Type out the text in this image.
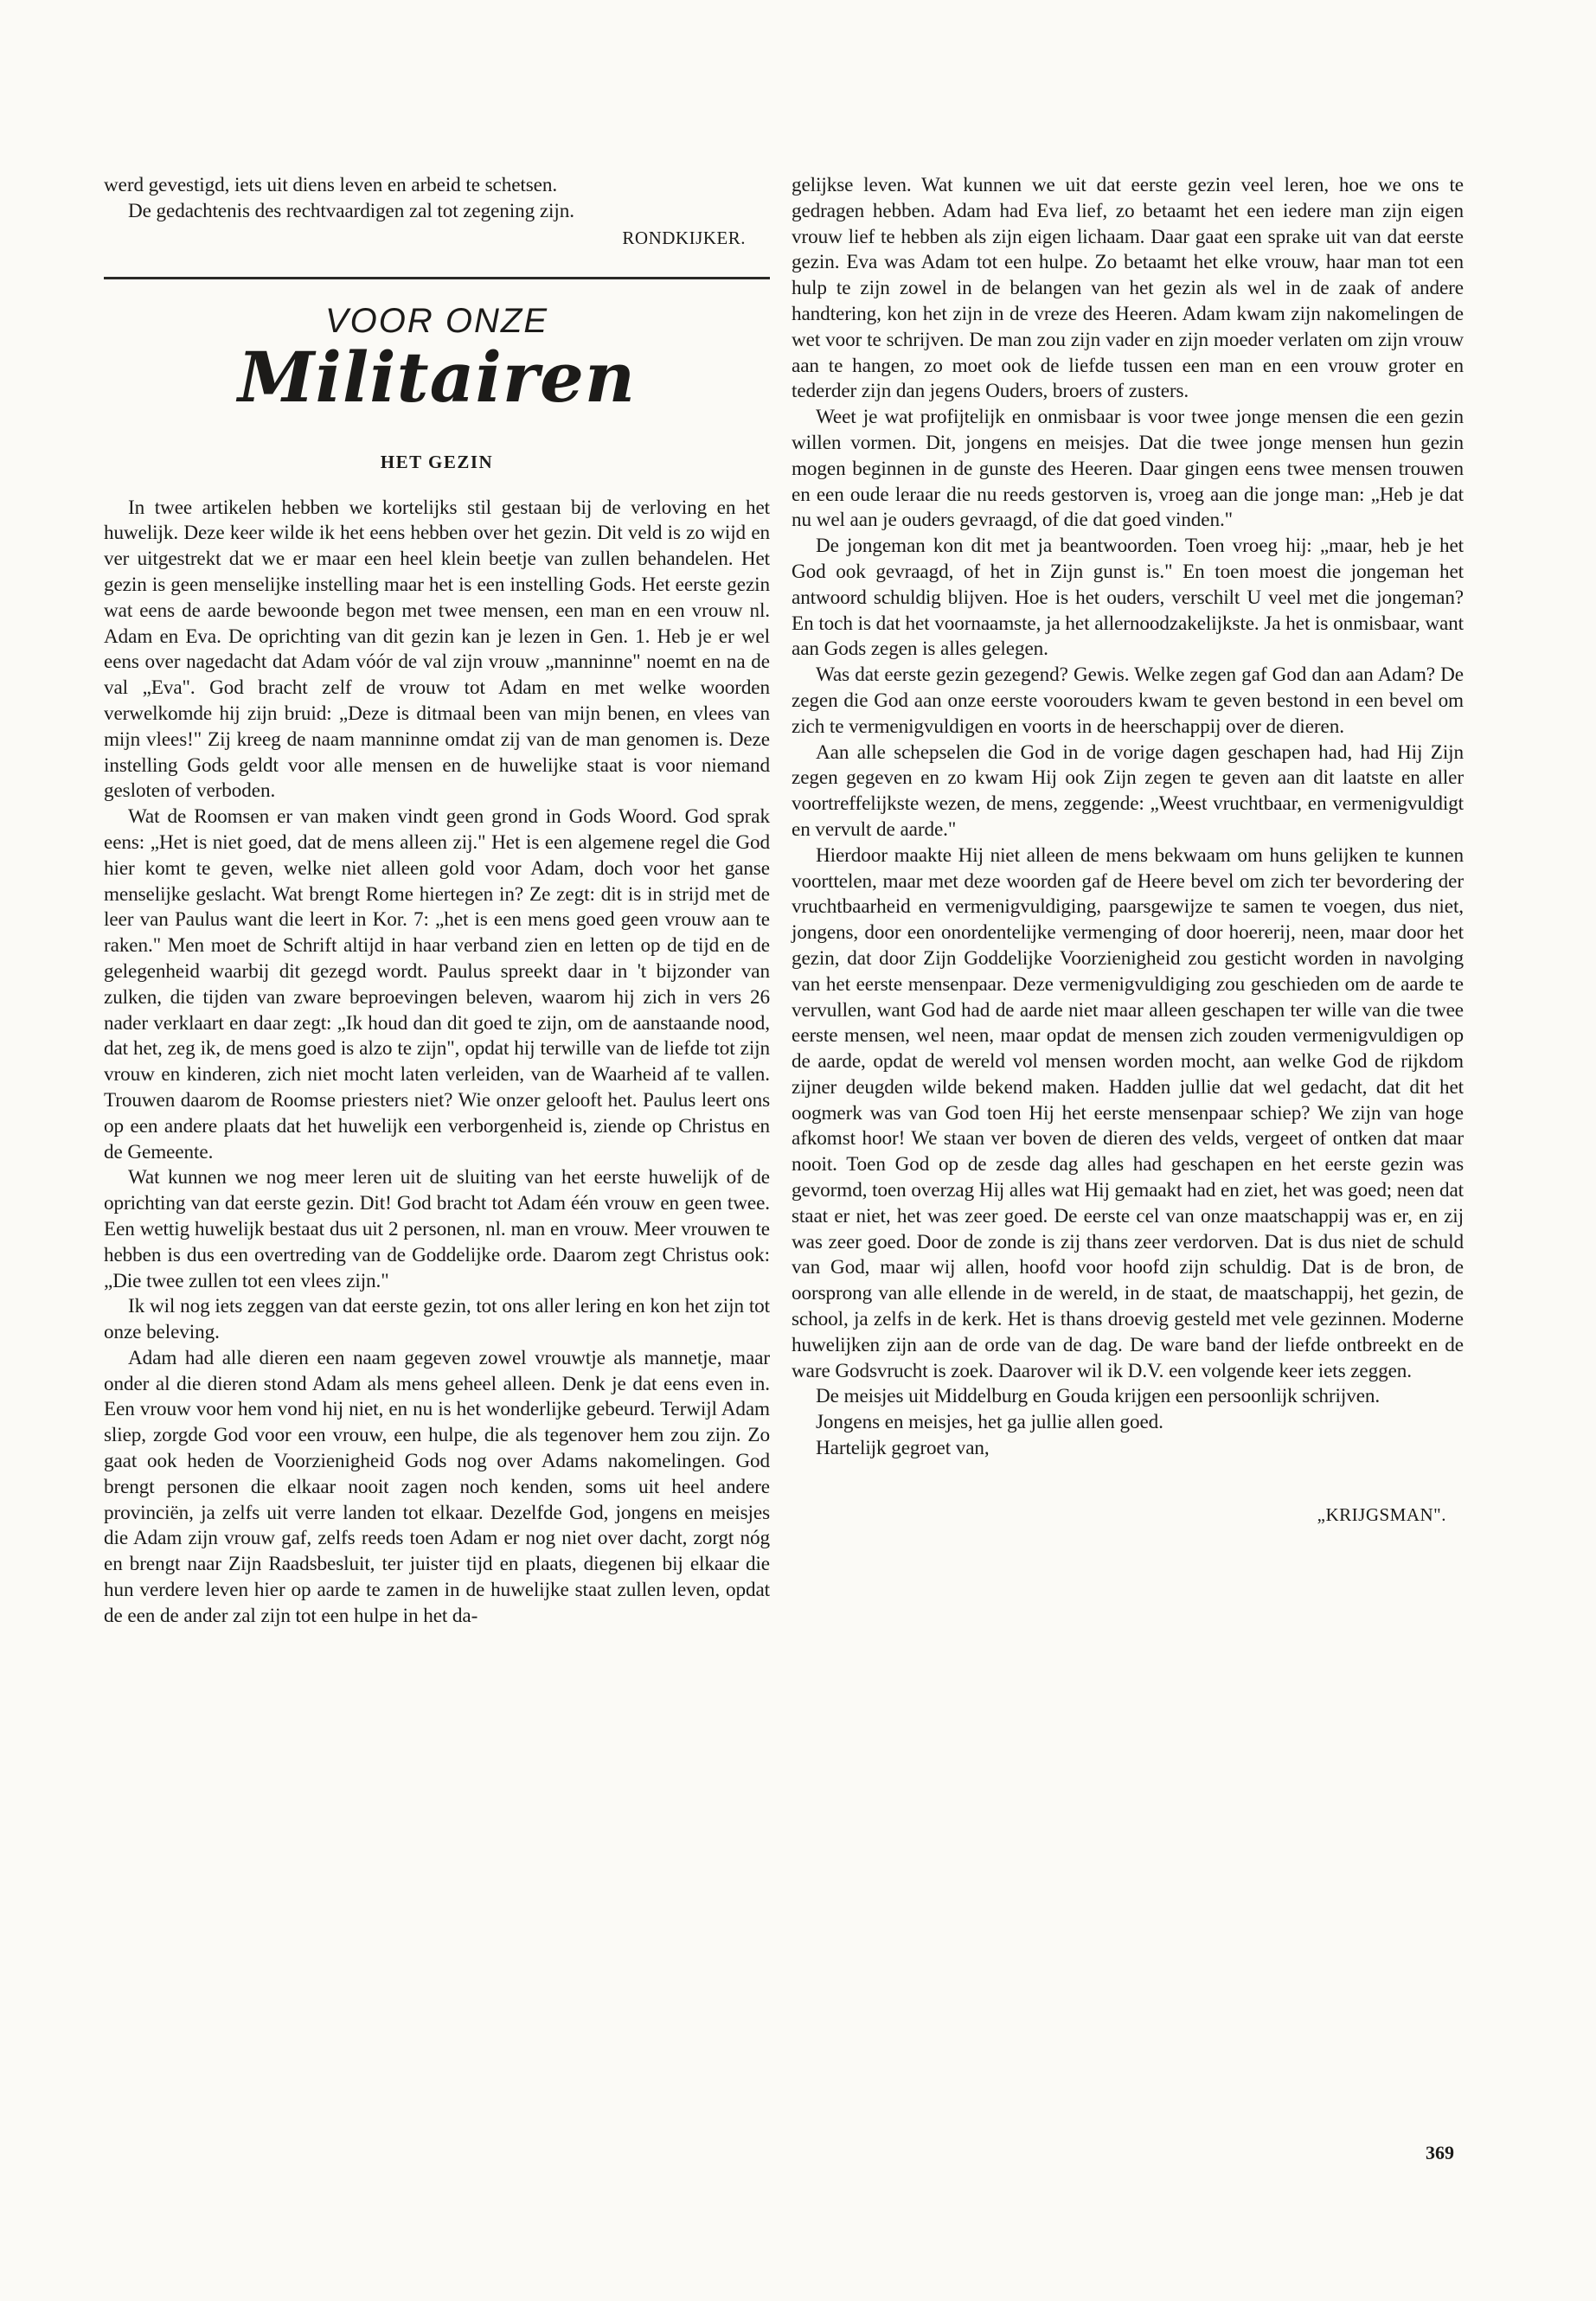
werd gevestigd, iets uit diens leven en arbeid te schetsen.

De gedachtenis des rechtvaardigen zal tot zegening zijn.

RONDKIJKER.

VOOR ONZE
Militairen
HET GEZIN

In twee artikelen hebben we kortelijks stil gestaan bij de verloving en het huwelijk. Deze keer wilde ik het eens hebben over het gezin. Dit veld is zo wijd en ver uitgestrekt dat we er maar een heel klein beetje van zullen behandelen. Het gezin is geen menselijke instelling maar het is een instelling Gods. Het eerste gezin wat eens de aarde bewoonde begon met twee mensen, een man en een vrouw nl. Adam en Eva. De oprichting van dit gezin kan je lezen in Gen. 1. Heb je er wel eens over nagedacht dat Adam vóór de val zijn vrouw „manninne" noemt en na de val „Eva". God bracht zelf de vrouw tot Adam en met welke woorden verwelkomde hij zijn bruid: „Deze is ditmaal been van mijn benen, en vlees van mijn vlees!" Zij kreeg de naam manninne omdat zij van de man genomen is. Deze instelling Gods geldt voor alle mensen en de huwelijke staat is voor niemand gesloten of verboden.

Wat de Roomsen er van maken vindt geen grond in Gods Woord. God sprak eens: „Het is niet goed, dat de mens alleen zij." Het is een algemene regel die God hier komt te geven, welke niet alleen gold voor Adam, doch voor het ganse menselijke geslacht. Wat brengt Rome hiertegen in? Ze zegt: dit is in strijd met de leer van Paulus want die leert in Kor. 7: „het is een mens goed geen vrouw aan te raken." Men moet de Schrift altijd in haar verband zien en letten op de tijd en de gelegenheid waarbij dit gezegd wordt. Paulus spreekt daar in 't bijzonder van zulken, die tijden van zware beproevingen beleven, waarom hij zich in vers 26 nader verklaart en daar zegt: „Ik houd dan dit goed te zijn, om de aanstaande nood, dat het, zeg ik, de mens goed is alzo te zijn", opdat hij terwille van de liefde tot zijn vrouw en kinderen, zich niet mocht laten verleiden, van de Waarheid af te vallen. Trouwen daarom de Roomse priesters niet? Wie onzer gelooft het. Paulus leert ons op een andere plaats dat het huwelijk een verborgenheid is, ziende op Christus en de Gemeente.

Wat kunnen we nog meer leren uit de sluiting van het eerste huwelijk of de oprichting van dat eerste gezin. Dit! God bracht tot Adam één vrouw en geen twee. Een wettig huwelijk bestaat dus uit 2 personen, nl. man en vrouw. Meer vrouwen te hebben is dus een overtreding van de Goddelijke orde. Daarom zegt Christus ook: „Die twee zullen tot een vlees zijn."

Ik wil nog iets zeggen van dat eerste gezin, tot ons aller lering en kon het zijn tot onze beleving.

Adam had alle dieren een naam gegeven zowel vrouwtje als mannetje, maar onder al die dieren stond Adam als mens geheel alleen. Denk je dat eens even in. Een vrouw voor hem vond hij niet, en nu is het wonderlijke gebeurd. Terwijl Adam sliep, zorgde God voor een vrouw, een hulpe, die als tegenover hem zou zijn. Zo gaat ook heden de Voorzienigheid Gods nog over Adams nakomelingen. God brengt personen die elkaar nooit zagen noch kenden, soms uit heel andere provinciën, ja zelfs uit verre landen tot elkaar. Dezelfde God, jongens en meisjes die Adam zijn vrouw gaf, zelfs reeds toen Adam er nog niet over dacht, zorgt nóg en brengt naar Zijn Raadsbesluit, ter juister tijd en plaats, diegenen bij elkaar die hun verdere leven hier op aarde te zamen in de huwelijke staat zullen leven, opdat de een de ander zal zijn tot een hulpe in het da-

gelijkse leven. Wat kunnen we uit dat eerste gezin veel leren, hoe we ons te gedragen hebben. Adam had Eva lief, zo betaamt het een iedere man zijn eigen vrouw lief te hebben als zijn eigen lichaam. Daar gaat een sprake uit van dat eerste gezin. Eva was Adam tot een hulpe. Zo betaamt het elke vrouw, haar man tot een hulp te zijn zowel in de belangen van het gezin als wel in de zaak of andere handtering, kon het zijn in de vreze des Heeren. Adam kwam zijn nakomelingen de wet voor te schrijven. De man zou zijn vader en zijn moeder verlaten om zijn vrouw aan te hangen, zo moet ook de liefde tussen een man en een vrouw groter en tederder zijn dan jegens Ouders, broers of zusters.

Weet je wat profijtelijk en onmisbaar is voor twee jonge mensen die een gezin willen vormen. Dit, jongens en meisjes. Dat die twee jonge mensen hun gezin mogen beginnen in de gunste des Heeren. Daar gingen eens twee mensen trouwen en een oude leraar die nu reeds gestorven is, vroeg aan die jonge man: „Heb je dat nu wel aan je ouders gevraagd, of die dat goed vinden."

De jongeman kon dit met ja beantwoorden. Toen vroeg hij: „maar, heb je het God ook gevraagd, of het in Zijn gunst is." En toen moest die jongeman het antwoord schuldig blijven. Hoe is het ouders, verschilt U veel met die jongeman? En toch is dat het voornaamste, ja het allernoodzakelijkste. Ja het is onmisbaar, want aan Gods zegen is alles gelegen.

Was dat eerste gezin gezegend? Gewis. Welke zegen gaf God dan aan Adam? De zegen die God aan onze eerste voorouders kwam te geven bestond in een bevel om zich te vermenigvuldigen en voorts in de heerschappij over de dieren.

Aan alle schepselen die God in de vorige dagen geschapen had, had Hij Zijn zegen gegeven en zo kwam Hij ook Zijn zegen te geven aan dit laatste en aller voortreffelijkste wezen, de mens, zeggende: „Weest vruchtbaar, en vermenigvuldigt en vervult de aarde."

Hierdoor maakte Hij niet alleen de mens bekwaam om huns gelijken te kunnen voorttelen, maar met deze woorden gaf de Heere bevel om zich ter bevordering der vruchtbaarheid en vermenigvuldiging, paarsgewijze te samen te voegen, dus niet, jongens, door een onordentelijke vermenging of door hoererij, neen, maar door het gezin, dat door Zijn Goddelijke Voorzienigheid zou gesticht worden in navolging van het eerste mensenpaar. Deze vermenigvuldiging zou geschieden om de aarde te vervullen, want God had de aarde niet maar alleen geschapen ter wille van die twee eerste mensen, wel neen, maar opdat de mensen zich zouden vermenigvuldigen op de aarde, opdat de wereld vol mensen worden mocht, aan welke God de rijkdom zijner deugden wilde bekend maken. Hadden jullie dat wel gedacht, dat dit het oogmerk was van God toen Hij het eerste mensenpaar schiep? We zijn van hoge afkomst hoor! We staan ver boven de dieren des velds, vergeet of ontken dat maar nooit. Toen God op de zesde dag alles had geschapen en het eerste gezin was gevormd, toen overzag Hij alles wat Hij gemaakt had en ziet, het was goed; neen dat staat er niet, het was zeer goed. De eerste cel van onze maatschappij was er, en zij was zeer goed. Door de zonde is zij thans zeer verdorven. Dat is dus niet de schuld van God, maar wij allen, hoofd voor hoofd zijn schuldig. Dat is de bron, de oorsprong van alle ellende in de wereld, in de staat, de maatschappij, het gezin, de school, ja zelfs in de kerk. Het is thans droevig gesteld met vele gezinnen. Moderne huwelijken zijn aan de orde van de dag. De ware band der liefde ontbreekt en de ware Godsvrucht is zoek. Daarover wil ik D.V. een volgende keer iets zeggen.

De meisjes uit Middelburg en Gouda krijgen een persoonlijk schrijven.

Jongens en meisjes, het ga jullie allen goed.

Hartelijk gegroet van,

„KRIJGSMAN".

369
